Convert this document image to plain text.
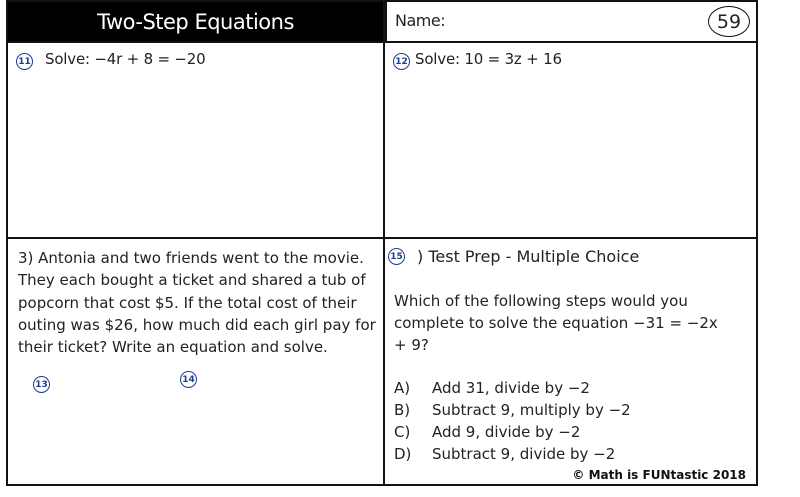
Two-Step Equations	Name:	59
11 Solve: −4r + 8 = −20	12 Solve: 10 = 3z + 16
3) Antonia and two friends went to the movie. They each bought a ticket and shared a tub of popcorn that cost $5. If the total cost of their outing was $26, how much did each girl pay for their ticket? Write an equation and solve.
13	14
15 ) Test Prep - Multiple Choice
Which of the following steps would you complete to solve the equation −31 = −2x + 9?
A)	Add 31, divide by −2
B)	Subtract 9, multiply by −2
C)	Add 9, divide by −2
D)	Subtract 9, divide by −2
© Math is FUNtastic 2018
